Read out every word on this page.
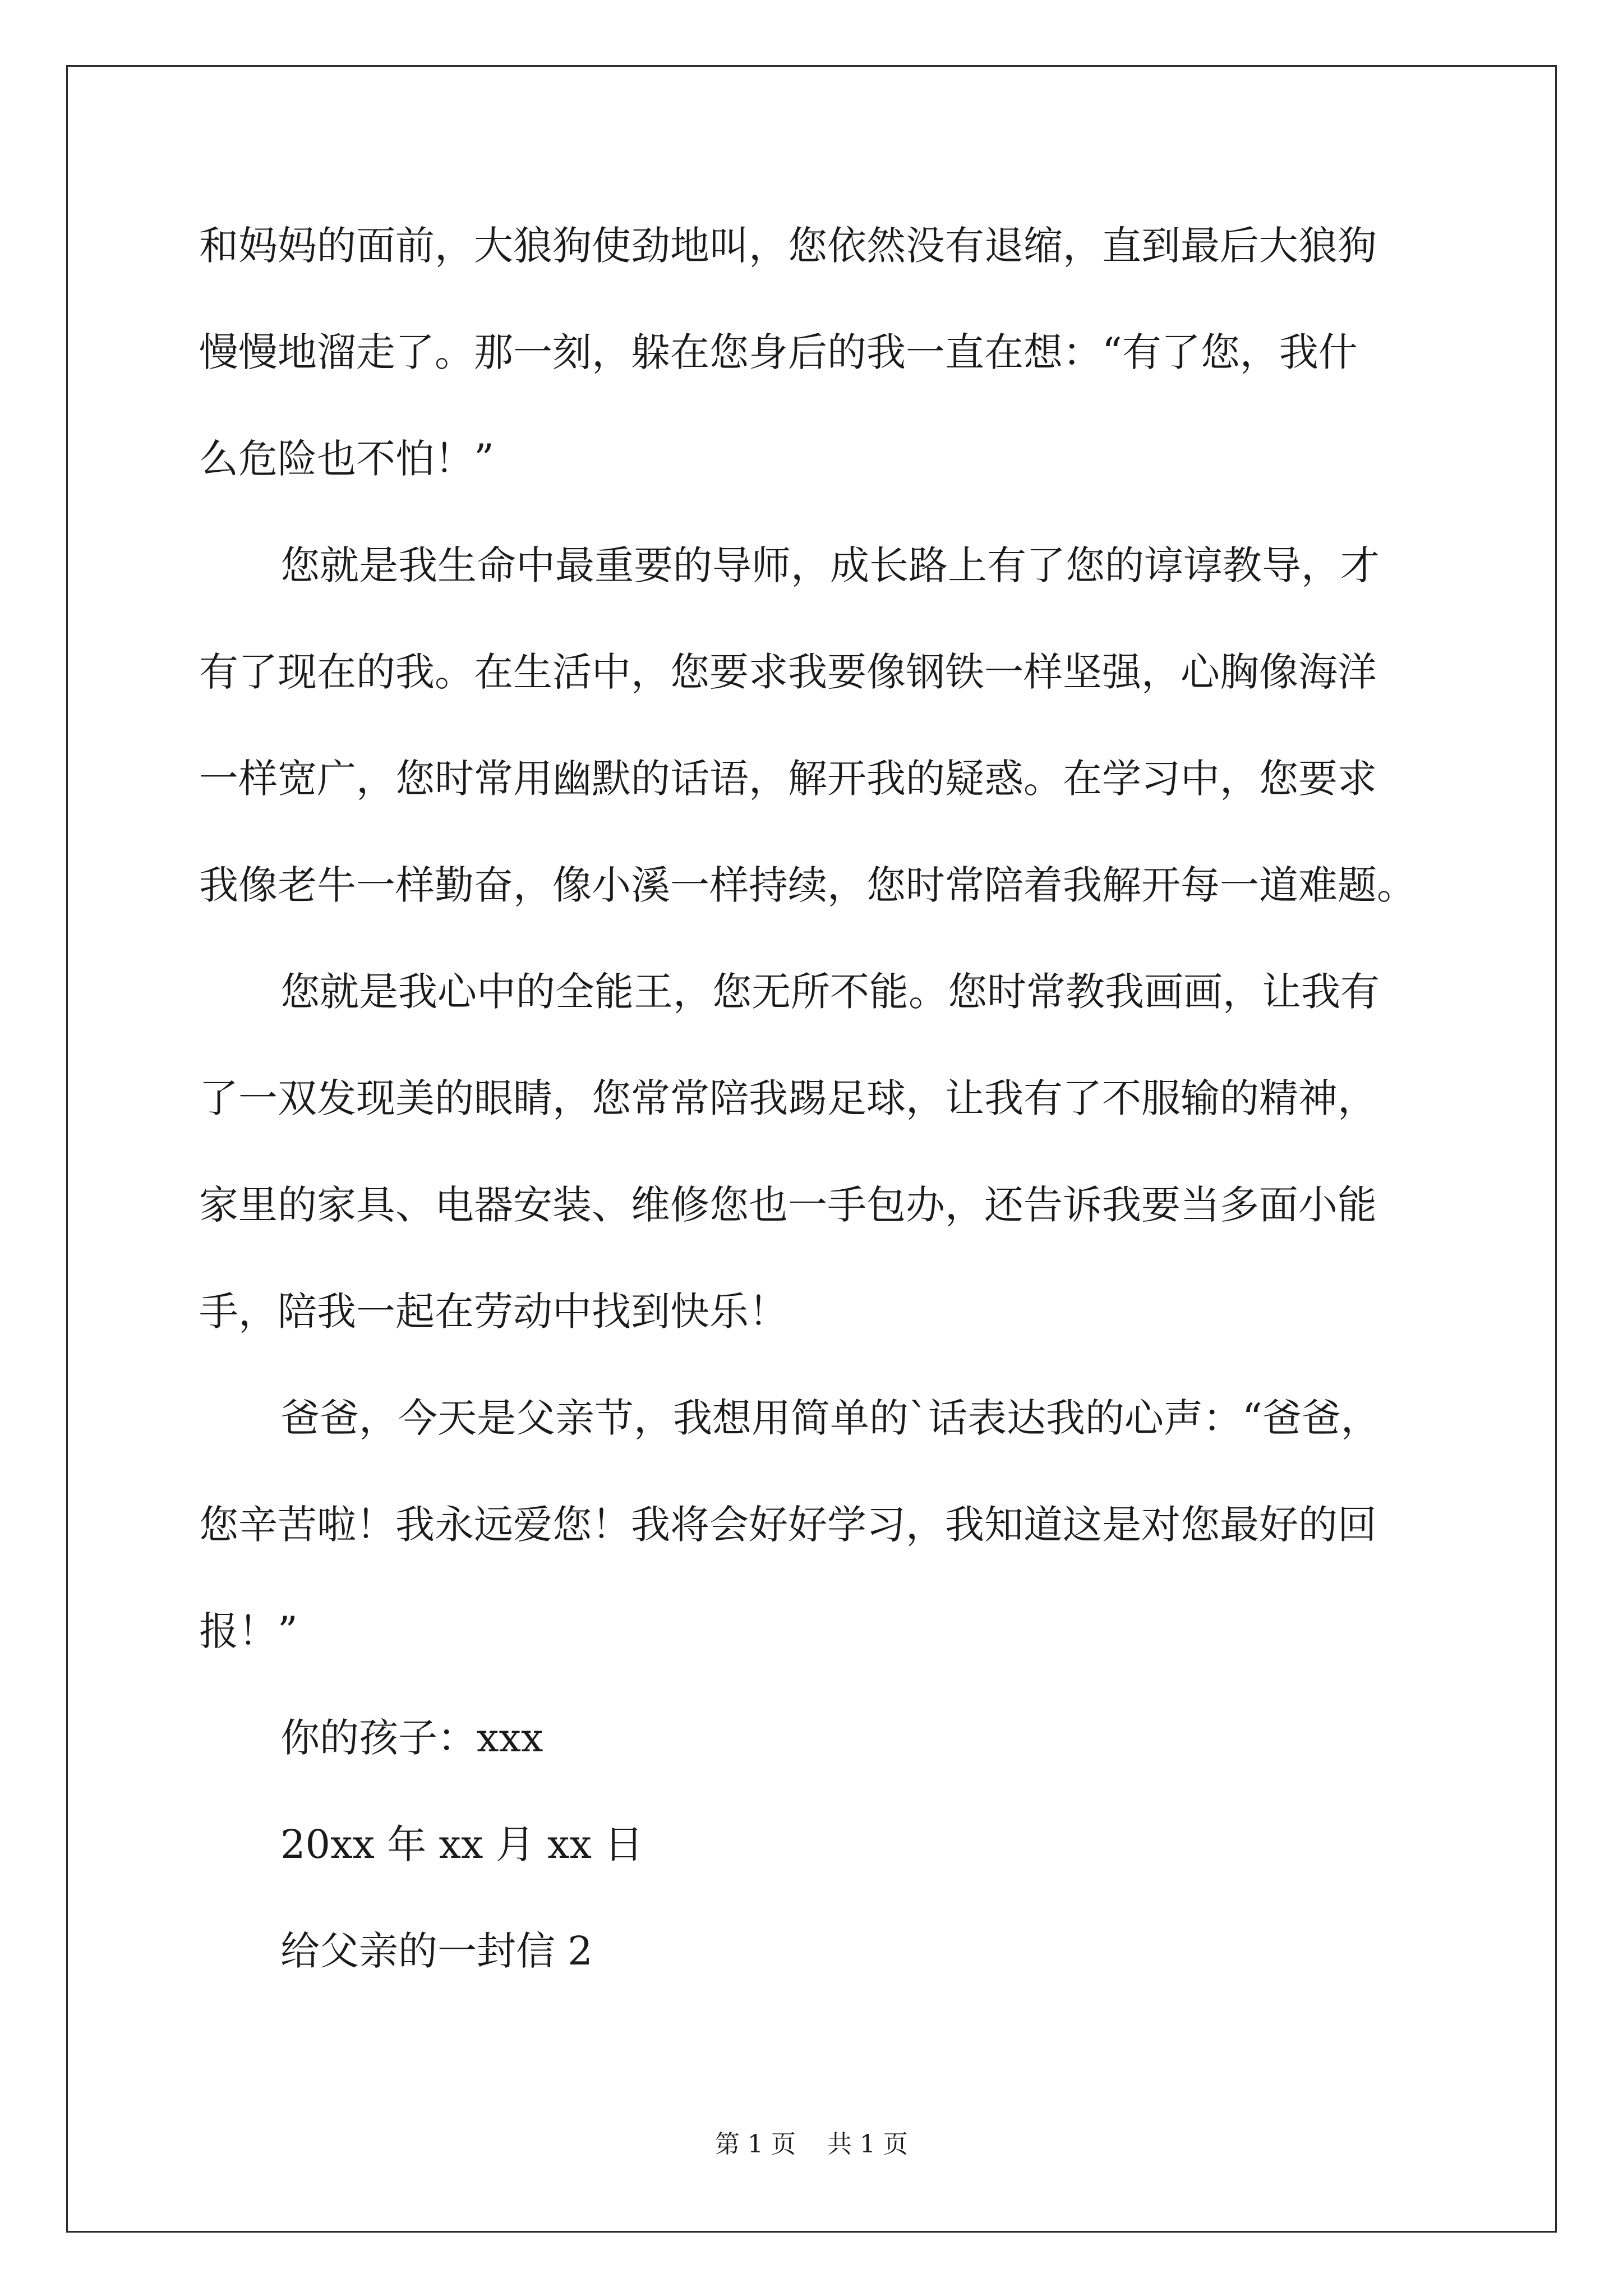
和妈妈的面前，大狼狗使劲地叫，您依然没有退缩，直到最后大狼狗
慢慢地溜走了。那一刻，躲在您身后的我一直在想：“有了您，我什
么危险也不怕！”
您就是我生命中最重要的导师，成长路上有了您的谆谆教导，才
有了现在的我。在生活中，您要求我要像钢铁一样坚强，心胸像海洋
一样宽广，您时常用幽默的话语，解开我的疑惑。在学习中，您要求
我像老牛一样勤奋，像小溪一样持续，您时常陪着我解开每一道难题。
您就是我心中的全能王，您无所不能。您时常教我画画，让我有
了一双发现美的眼睛，您常常陪我踢足球，让我有了不服输的精神，
家里的家具、电器安装、维修您也一手包办，还告诉我要当多面小能
手，陪我一起在劳动中找到快乐！
爸爸，今天是父亲节，我想用简单的`话表达我的心声：“爸爸，
您辛苦啦！我永远爱您！我将会好好学习，我知道这是对您最好的回
报！”
你的孩子：xxx
20xx 年 xx 月 xx 日
给父亲的一封信 2
第 1 页    共 1 页
